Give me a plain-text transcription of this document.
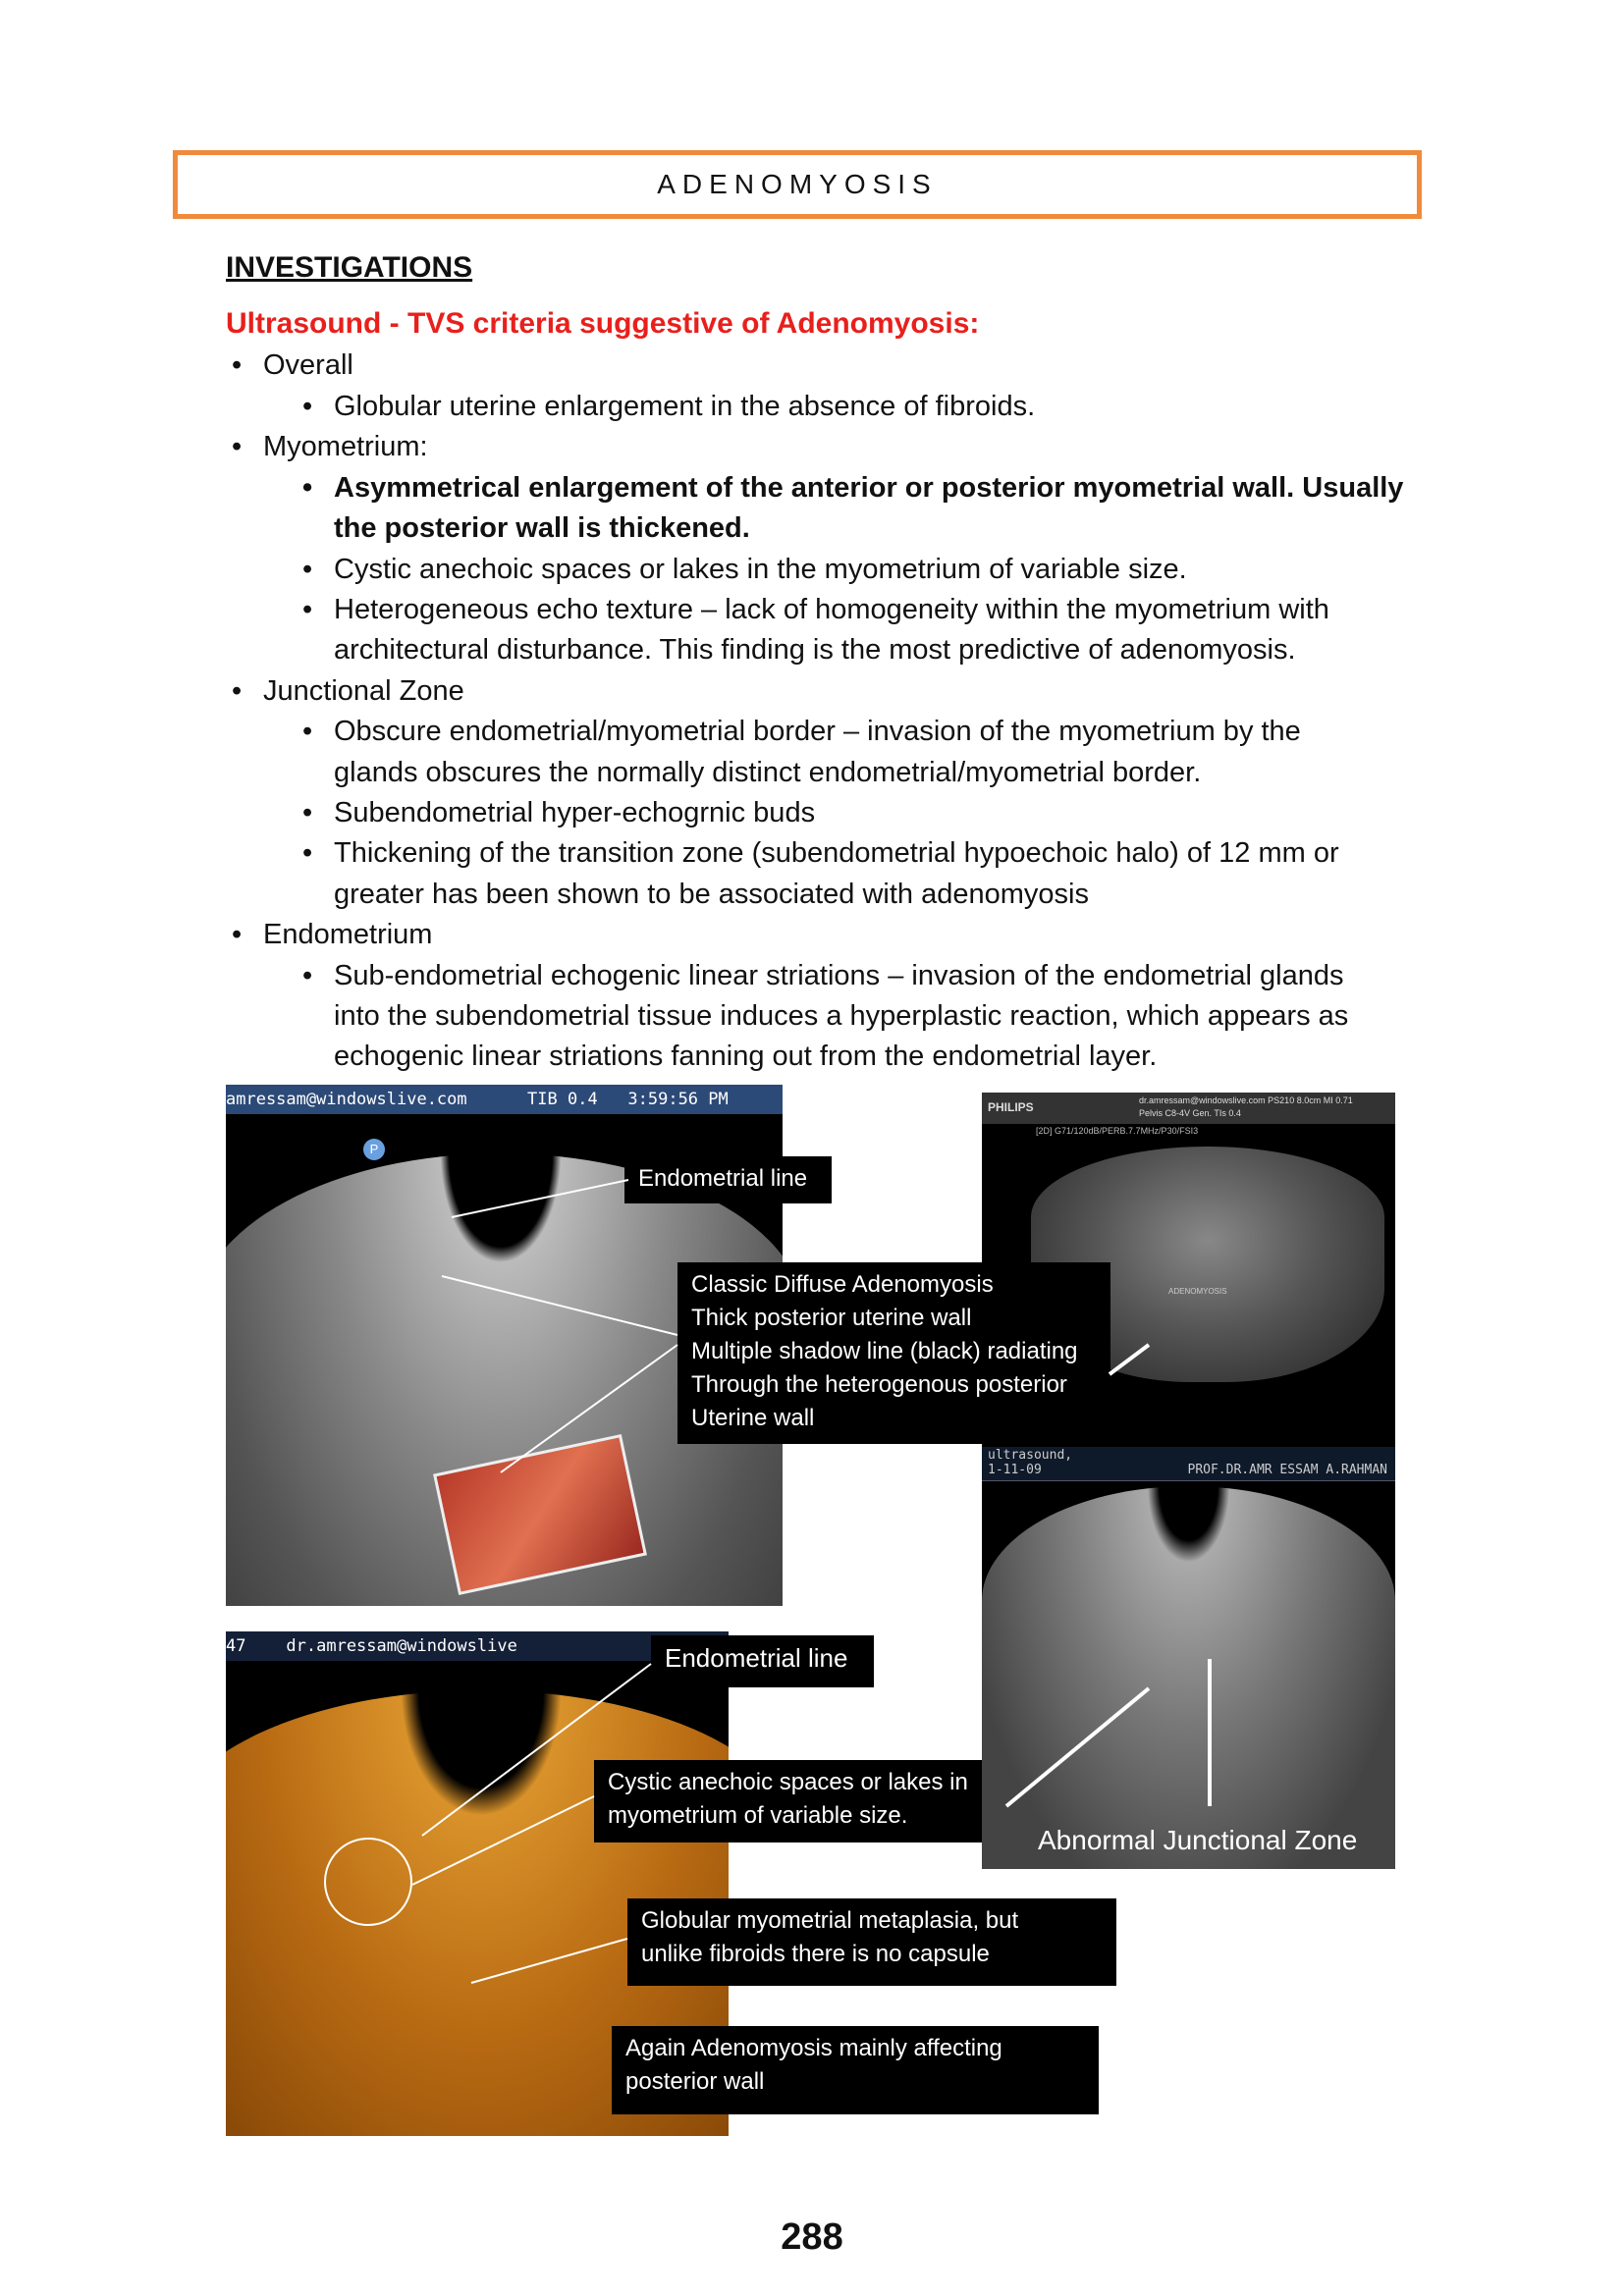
ADENOMYOSIS
INVESTIGATIONS
Ultrasound - TVS criteria suggestive of Adenomyosis:
• Overall
• Globular uterine enlargement in the absence of fibroids.
• Myometrium:
• Asymmetrical enlargement of the anterior or posterior myometrial wall. Usually
the posterior wall is thickened.
• Cystic anechoic spaces or lakes in the myometrium of variable size.
• Heterogeneous echo texture – lack of homogeneity within the myometrium with
architectural disturbance. This finding is the most predictive of adenomyosis.
• Junctional Zone
• Obscure endometrial/myometrial border – invasion of the myometrium by the
glands obscures the normally distinct endometrial/myometrial border.
• Subendometrial hyper-echogrnic buds
• Thickening of the transition zone (subendometrial hypoechoic halo) of 12 mm or
greater has been shown to be associated with adenomyosis
• Endometrium
• Sub-endometrial echogenic linear striations – invasion of the endometrial glands
into the subendometrial tissue induces a hyperplastic reaction, which appears as
echogenic linear striations fanning out from the endometrial layer.
amressam@windowslive.com      TIB 0.4   3:59:56 PM
P
PHILIPS	dr.amressam@windowslive.com PS210 8.0cm MI 0.71
Pelvis C8-4V Gen. TIs 0.4
[2D] G71/120dB/PERB.7.7MHz/P30/FSI3
ADENOMYOSIS
ultrasound,
1-11-09	PROF.DR.AMR ESSAM A.RAHMAN
Abnormal Junctional Zone
47    dr.amressam@windowslive
Endometrial line
Classic Diffuse Adenomyosis
Thick posterior uterine wall
Multiple shadow line (black) radiating
Through the heterogenous posterior
Uterine wall
Endometrial line
Cystic anechoic spaces or lakes in
myometrium of variable size.
Globular myometrial metaplasia, but
unlike fibroids there is no capsule
Again Adenomyosis mainly affecting
posterior wall
288
